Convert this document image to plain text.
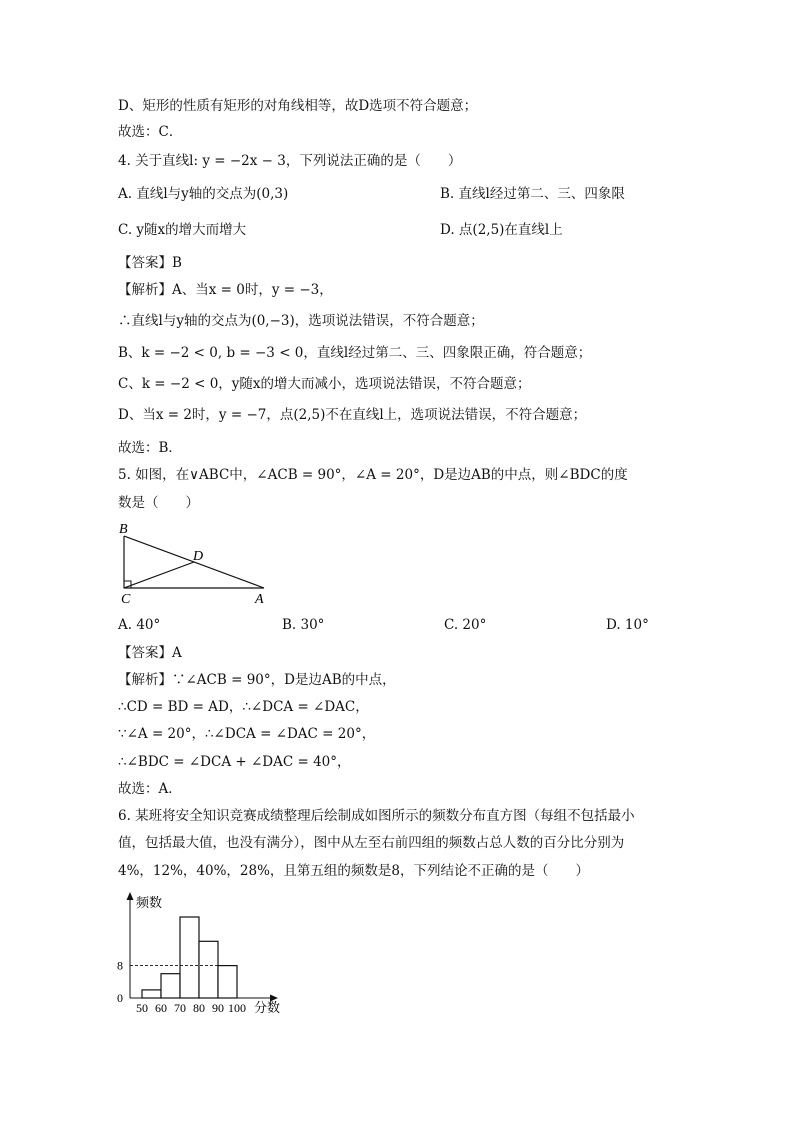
D、矩形的性质有矩形的对角线相等，故D选项不符合题意；
故选：C．
4. 关于直线l: y = −2x − 3，下列说法正确的是（　　）
A. 直线l与y轴的交点为(0,3)	B. 直线l经过第二、三、四象限
C. y随x的增大而增大	D. 点(2,5)在直线l上
【答案】B
【解析】A、当x = 0时，y = −3，
∴直线l与y轴的交点为(0,−3)，选项说法错误，不符合题意；
B、k = −2 < 0, b = −3 < 0，直线l经过第二、三、四象限正确，符合题意；
C、k = −2 < 0，y随x的增大而减小，选项说法错误，不符合题意；
D、当x = 2时，y = −7，点(2,5)不在直线l上，选项说法错误，不符合题意；
故选：B．
5. 如图，在∨ABC中，∠ACB = 90°，∠A = 20°，D是边AB的中点，则∠BDC的度
数是（　　）
B
D
C	A
A. 40°	B. 30°	C. 20°	D. 10°
【答案】A
【解析】∵∠ACB = 90°，D是边AB的中点，
∴CD = BD = AD，∴∠DCA = ∠DAC，
∵∠A = 20°，∴∠DCA = ∠DAC = 20°，
∴∠BDC = ∠DCA + ∠DAC = 40°，
故选：A．
6. 某班将安全知识竞赛成绩整理后绘制成如图所示的频数分布直方图（每组不包括最小
值，包括最大值，也没有满分），图中从左至右前四组的频数占总人数的百分比分别为
4%，12%，40%，28%，且第五组的频数是8，下列结论不正确的是（　　）
频数
分数
50 60 70 80 90 100
0
8
